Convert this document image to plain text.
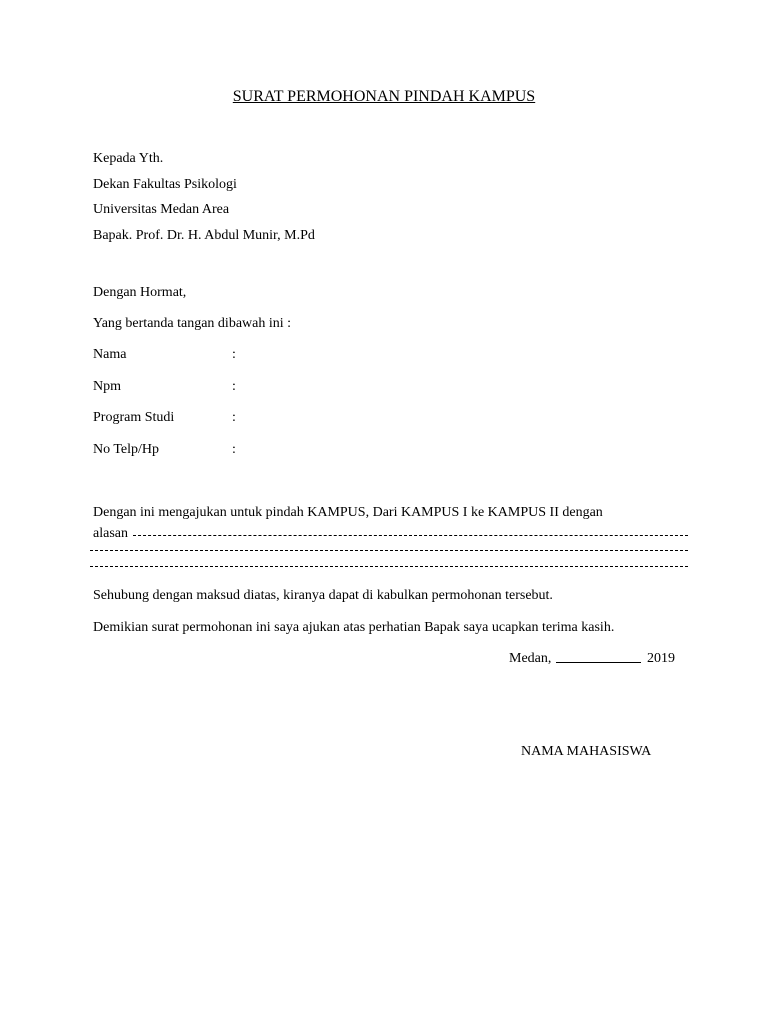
SURAT PERMOHONAN PINDAH KAMPUS
Kepada Yth.
Dekan Fakultas Psikologi
Universitas Medan Area
Bapak. Prof. Dr. H. Abdul Munir, M.Pd
Dengan Hormat,
Yang bertanda tangan dibawah ini :
Nama	:
Npm	:
Program Studi	:
No Telp/Hp	:
Dengan ini mengajukan untuk pindah KAMPUS, Dari KAMPUS I ke KAMPUS II dengan
alasan
Sehubung dengan maksud diatas, kiranya dapat di kabulkan permohonan tersebut.
Demikian surat permohonan ini saya ajukan atas perhatian Bapak saya ucapkan terima kasih.
Medan,	2019
NAMA MAHASISWA
